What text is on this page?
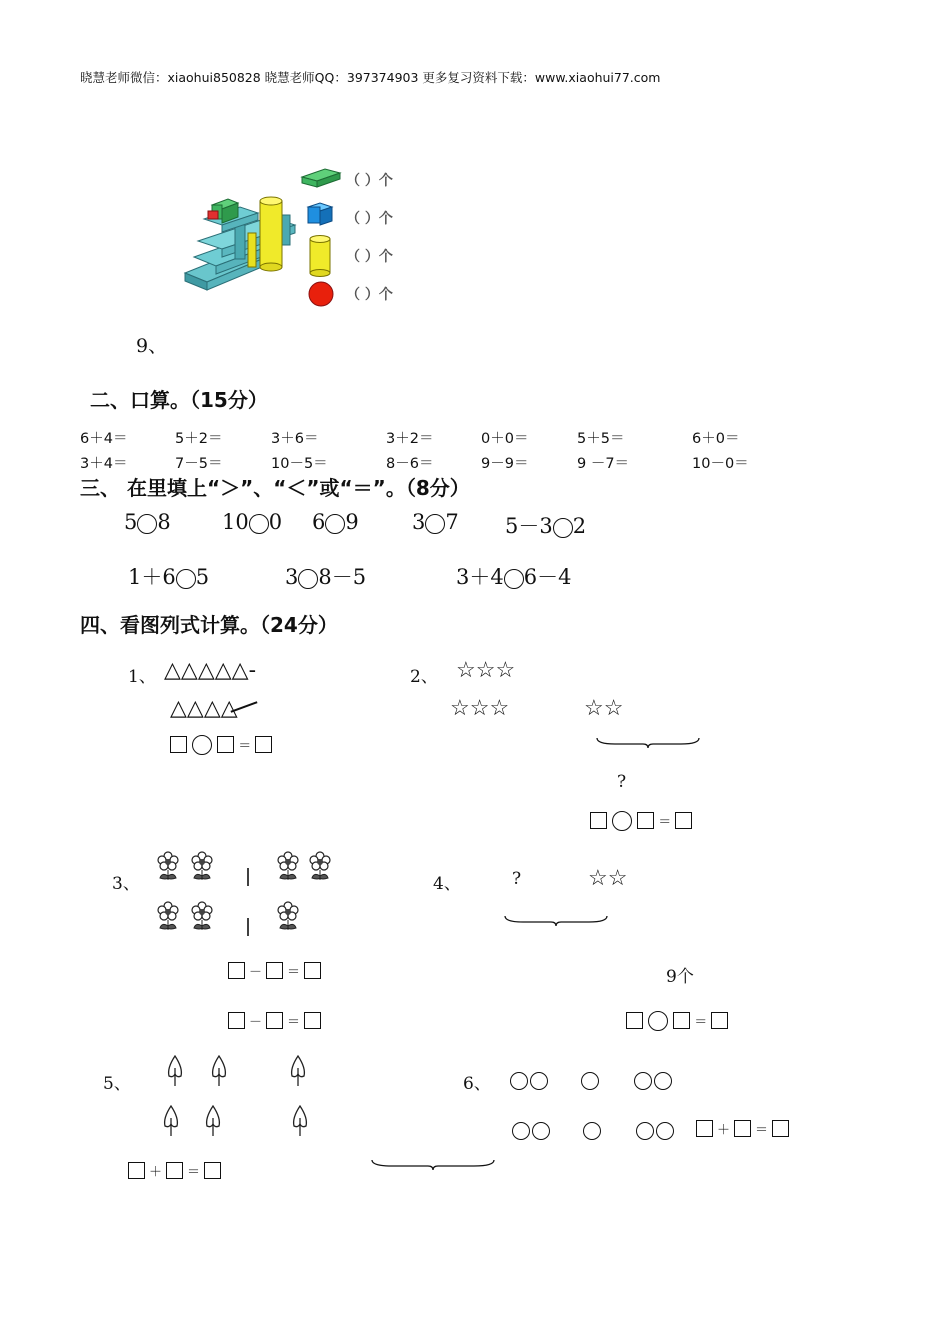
晓慧老师微信：xiaohui850828 晓慧老师QQ：397374903 更多复习资料下载：www.xiaohui77.com
（ ）个
（ ）个
（ ）个
（ ）个
9、
二、口算。（15分）
6＋4＝	5＋2＝	3＋6＝	3＋2＝	0＋0＝	5＋5＝	6＋0＝
3＋4＝	7－5＝	10－5＝	8－6＝	9－9＝	9 －7＝	10－0＝
三、 在里填上“＞”、“＜”或“＝”。（8分）
5 8 10 0 6 9	3 7 5－3 2
1＋6 5	3 8－5	3＋4 6－4
四、看图列式计算。（24分）
1、 △△△△△-
△△△△
＝
2、 ☆☆☆
☆☆☆	☆☆
?
＝
3、
－ ＝
－ ＝
4、	?	☆☆
9个
＝
5、
＋ ＝
6、

＋ ＝
